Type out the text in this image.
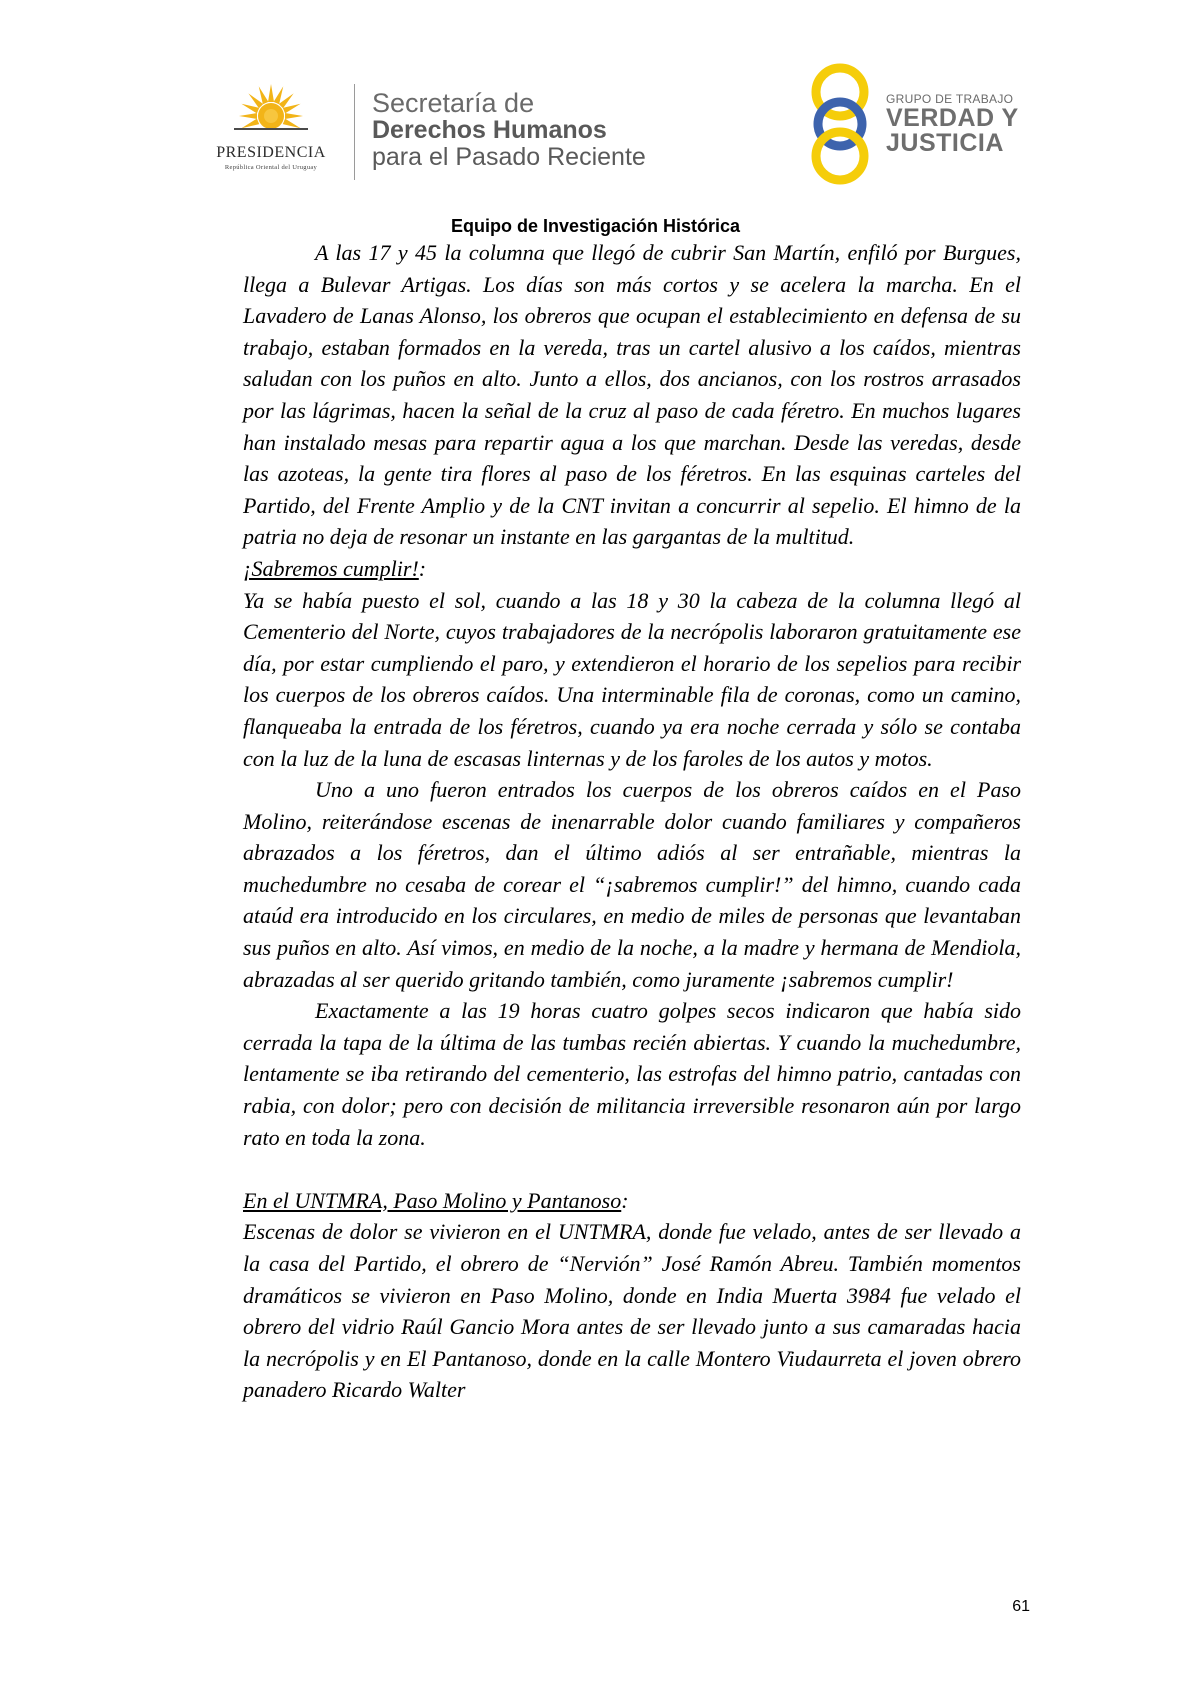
PRESIDENCIA
República Oriental del Uruguay
Secretaría de
Derechos Humanos
para el Pasado Reciente
GRUPO DE TRABAJO
VERDAD Y
JUSTICIA
Equipo de Investigación Histórica

A las 17 y 45 la columna que llegó de cubrir San Martín, enfiló por Burgues, llega a Bulevar Artigas. Los días son más cortos y se acelera la marcha. En el Lavadero de Lanas Alonso, los obreros que ocupan el establecimiento en defensa de su trabajo, estaban formados en la vereda, tras un cartel alusivo a los caídos, mientras saludan con los puños en alto. Junto a ellos, dos ancianos, con los rostros arrasados por las lágrimas, hacen la señal de la cruz al paso de cada féretro. En muchos lugares han instalado mesas para repartir agua a los que marchan. Desde las veredas, desde las azoteas, la gente tira flores al paso de los féretros. En las esquinas carteles del Partido, del Frente Amplio y de la CNT invitan a concurrir al sepelio. El himno de la patria no deja de resonar un instante en las gargantas de la multitud.

¡Sabremos cumplir!:

Ya se había puesto el sol, cuando a las 18 y 30 la cabeza de la columna llegó al Cementerio del Norte, cuyos trabajadores de la necrópolis laboraron gratuitamente ese día, por estar cumpliendo el paro, y extendieron el horario de los sepelios para recibir los cuerpos de los obreros caídos. Una interminable fila de coronas, como un camino, flanqueaba la entrada de los féretros, cuando ya era noche cerrada y sólo se contaba con la luz de la luna de escasas linternas y de los faroles de los autos y motos.

Uno a uno fueron entrados los cuerpos de los obreros caídos en el Paso Molino, reiterándose escenas de inenarrable dolor cuando familiares y compañeros abrazados a los féretros, dan el último adiós al ser entrañable, mientras la muchedumbre no cesaba de corear el “¡sabremos cumplir!” del himno, cuando cada ataúd era introducido en los circulares, en medio de miles de personas que levantaban sus puños en alto. Así vimos, en medio de la noche, a la madre y hermana de Mendiola, abrazadas al ser querido gritando también, como juramente ¡sabremos cumplir!

Exactamente a las 19 horas cuatro golpes secos indicaron que había sido cerrada la tapa de la última de las tumbas recién abiertas. Y cuando la muchedumbre, lentamente se iba retirando del cementerio, las estrofas del himno patrio, cantadas con rabia, con dolor; pero con decisión de militancia irreversible resonaron aún por largo rato en toda la zona.

En el UNTMRA, Paso Molino y Pantanoso:

Escenas de dolor se vivieron en el UNTMRA, donde fue velado, antes de ser llevado a la casa del Partido, el obrero de “Nervión” José Ramón Abreu. También momentos dramáticos se vivieron en Paso Molino, donde en India Muerta 3984 fue velado el obrero del vidrio Raúl Gancio Mora antes de ser llevado junto a sus camaradas hacia la necrópolis y en El Pantanoso, donde en la calle Montero Viudaurreta el joven obrero panadero Ricardo Walter

61
